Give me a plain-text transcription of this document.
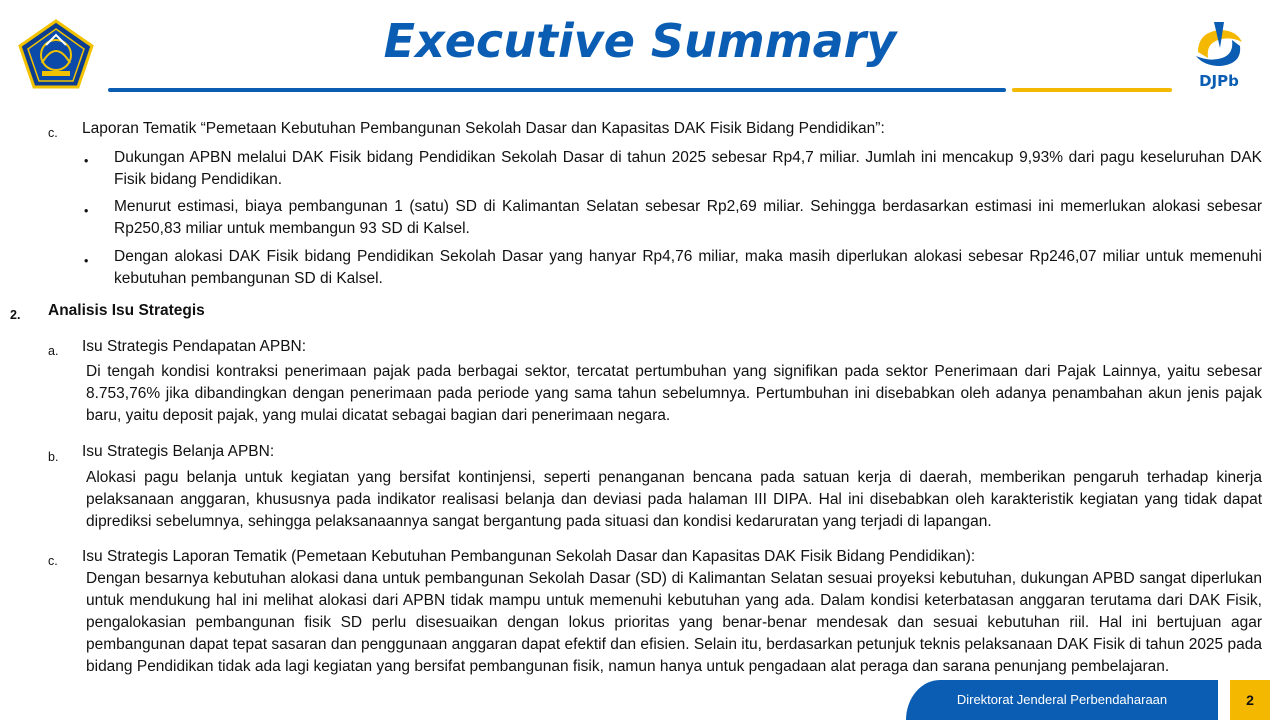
Executive Summary
DJPb
c. Laporan Tematik “Pemetaan Kebutuhan Pembangunan Sekolah Dasar dan Kapasitas DAK Fisik Bidang Pendidikan”:
• Dukungan APBN melalui DAK Fisik bidang Pendidikan Sekolah Dasar di tahun 2025 sebesar Rp4,7 miliar. Jumlah ini mencakup 9,93% dari pagu keseluruhan DAK Fisik bidang Pendidikan.
• Menurut estimasi, biaya pembangunan 1 (satu) SD di Kalimantan Selatan sebesar Rp2,69 miliar. Sehingga berdasarkan estimasi ini memerlukan alokasi sebesar Rp250,83 miliar untuk membangun 93 SD di Kalsel.
• Dengan alokasi DAK Fisik bidang Pendidikan Sekolah Dasar yang hanyar Rp4,76 miliar, maka masih diperlukan alokasi sebesar Rp246,07 miliar untuk memenuhi kebutuhan pembangunan SD di Kalsel.
2. Analisis Isu Strategis
a. Isu Strategis Pendapatan APBN:
Di tengah kondisi kontraksi penerimaan pajak pada berbagai sektor, tercatat pertumbuhan yang signifikan pada sektor Penerimaan dari Pajak Lainnya, yaitu sebesar 8.753,76% jika dibandingkan dengan penerimaan pada periode yang sama tahun sebelumnya. Pertumbuhan ini disebabkan oleh adanya penambahan akun jenis pajak baru, yaitu deposit pajak, yang mulai dicatat sebagai bagian dari penerimaan negara.
b. Isu Strategis Belanja APBN:
Alokasi pagu belanja untuk kegiatan yang bersifat kontinjensi, seperti penanganan bencana pada satuan kerja di daerah, memberikan pengaruh terhadap kinerja pelaksanaan anggaran, khususnya pada indikator realisasi belanja dan deviasi pada halaman III DIPA. Hal ini disebabkan oleh karakteristik kegiatan yang tidak dapat diprediksi sebelumnya, sehingga pelaksanaannya sangat bergantung pada situasi dan kondisi kedaruratan yang terjadi di lapangan.
c. Isu Strategis Laporan Tematik (Pemetaan Kebutuhan Pembangunan Sekolah Dasar dan Kapasitas DAK Fisik Bidang Pendidikan):
Dengan besarnya kebutuhan alokasi dana untuk pembangunan Sekolah Dasar (SD) di Kalimantan Selatan sesuai proyeksi kebutuhan, dukungan APBD sangat diperlukan untuk mendukung hal ini melihat alokasi dari APBN tidak mampu untuk memenuhi kebutuhan yang ada. Dalam kondisi keterbatasan anggaran terutama dari DAK Fisik, pengalokasian pembangunan fisik SD perlu disesuaikan dengan lokus prioritas yang benar-benar mendesak dan sesuai kebutuhan riil. Hal ini bertujuan agar pembangunan dapat tepat sasaran dan penggunaan anggaran dapat efektif dan efisien. Selain itu, berdasarkan petunjuk teknis pelaksanaan DAK Fisik di tahun 2025 pada bidang Pendidikan tidak ada lagi kegiatan yang bersifat pembangunan fisik, namun hanya untuk pengadaan alat peraga dan sarana penunjang pembelajaran.
Direktorat Jenderal Perbendaharaan	2
